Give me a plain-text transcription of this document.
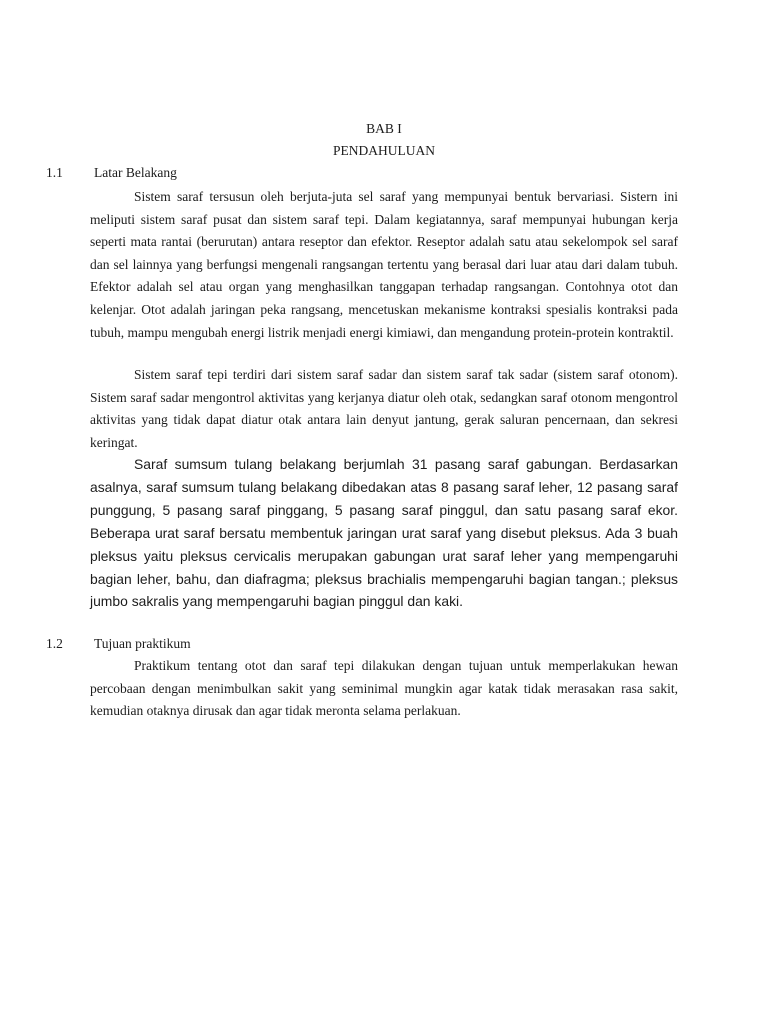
BAB I
PENDAHULUAN
1.1 Latar Belakang

Sistem saraf tersusun oleh berjuta-juta sel saraf yang mempunyai bentuk bervariasi. Sistern ini meliputi sistem saraf pusat dan sistem saraf tepi. Dalam kegiatannya, saraf mempunyai hubungan kerja seperti mata rantai (berurutan) antara reseptor dan efektor. Reseptor adalah satu atau sekelompok sel saraf dan sel lainnya yang berfungsi mengenali rangsangan tertentu yang berasal dari luar atau dari dalam tubuh. Efektor adalah sel atau organ yang menghasilkan tanggapan terhadap rangsangan. Contohnya otot dan kelenjar. Otot adalah jaringan peka rangsang, mencetuskan mekanisme kontraksi spesialis kontraksi pada tubuh, mampu mengubah energi listrik menjadi energi kimiawi, dan mengandung protein-protein kontraktil.

Sistem saraf tepi terdiri dari sistem saraf sadar dan sistem saraf tak sadar (sistem saraf otonom). Sistem saraf sadar mengontrol aktivitas yang kerjanya diatur oleh otak, sedangkan saraf otonom mengontrol aktivitas yang tidak dapat diatur otak antara lain denyut jantung, gerak saluran pencernaan, dan sekresi keringat.

Saraf sumsum tulang belakang berjumlah 31 pasang saraf gabungan. Berdasarkan asalnya, saraf sumsum tulang belakang dibedakan atas 8 pasang saraf leher, 12 pasang saraf punggung, 5 pasang saraf pinggang, 5 pasang saraf pinggul, dan satu pasang saraf ekor. Beberapa urat saraf bersatu membentuk jaringan urat saraf yang disebut pleksus. Ada 3 buah pleksus yaitu pleksus cervicalis merupakan gabungan urat saraf leher yang mempengaruhi bagian leher, bahu, dan diafragma; pleksus brachialis mempengaruhi bagian tangan.; pleksus jumbo sakralis yang mempengaruhi bagian pinggul dan kaki.

1.2 Tujuan praktikum

Praktikum tentang otot dan saraf tepi dilakukan dengan tujuan untuk memperlakukan hewan percobaan dengan menimbulkan sakit yang seminimal mungkin agar katak tidak merasakan rasa sakit, kemudian otaknya dirusak dan agar tidak meronta selama perlakuan.
